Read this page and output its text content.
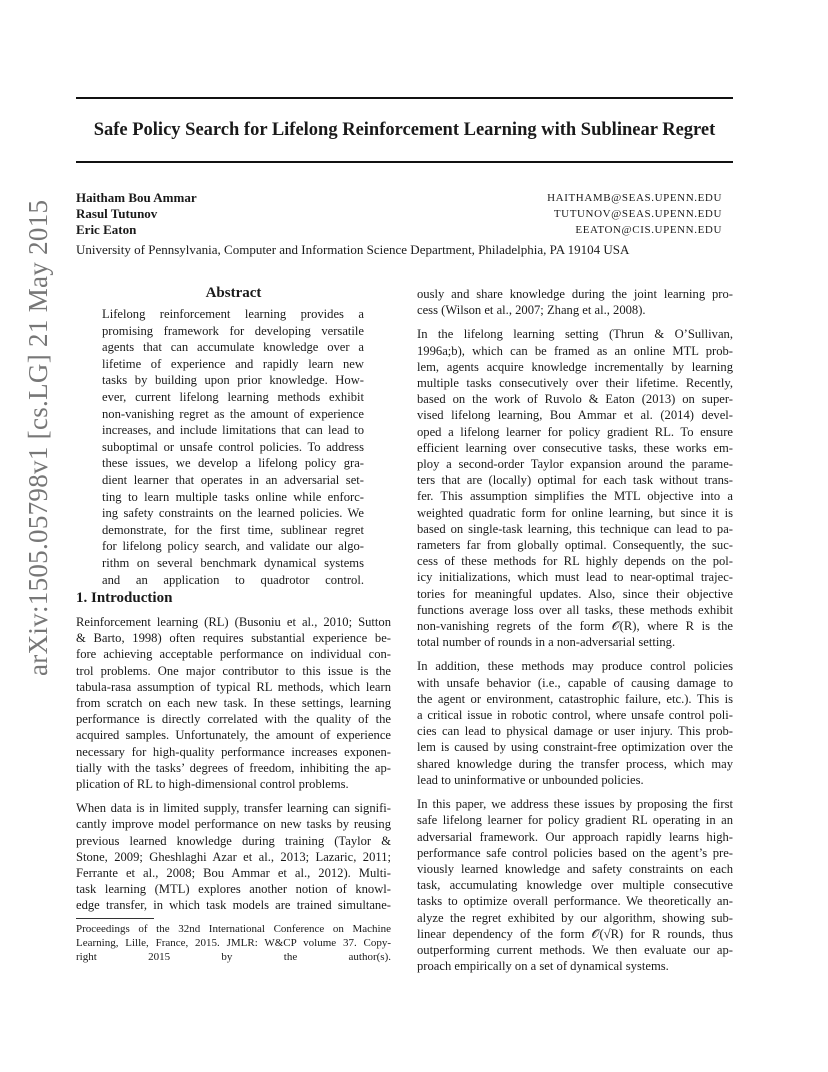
arXiv:1505.05798v1 [cs.LG] 21 May 2015
Safe Policy Search for Lifelong Reinforcement Learning with Sublinear Regret
Haitham Bou Ammar	HAITHAMB@SEAS.UPENN.EDU
Rasul Tutunov	TUTUNOV@SEAS.UPENN.EDU
Eric Eaton	EEATON@CIS.UPENN.EDU
University of Pennsylvania, Computer and Information Science Department, Philadelphia, PA 19104 USA
Abstract
Lifelong reinforcement learning provides a
promising framework for developing versatile
agents that can accumulate knowledge over a
lifetime of experience and rapidly learn new
tasks by building upon prior knowledge. How-
ever, current lifelong learning methods exhibit
non-vanishing regret as the amount of experience
increases, and include limitations that can lead to
suboptimal or unsafe control policies. To address
these issues, we develop a lifelong policy gra-
dient learner that operates in an adversarial set-
ting to learn multiple tasks online while enforc-
ing safety constraints on the learned policies. We
demonstrate, for the first time, sublinear regret
for lifelong policy search, and validate our algo-
rithm on several benchmark dynamical systems
and an application to quadrotor control.
1. Introduction

Reinforcement learning (RL) (Busoniu et al., 2010; Sutton
& Barto, 1998) often requires substantial experience be-
fore achieving acceptable performance on individual con-
trol problems. One major contributor to this issue is the
tabula-rasa assumption of typical RL methods, which learn
from scratch on each new task. In these settings, learning
performance is directly correlated with the quality of the
acquired samples. Unfortunately, the amount of experience
necessary for high-quality performance increases exponen-
tially with the tasks’ degrees of freedom, inhibiting the ap-
plication of RL to high-dimensional control problems.

When data is in limited supply, transfer learning can signifi-
cantly improve model performance on new tasks by reusing
previous learned knowledge during training (Taylor &
Stone, 2009; Gheshlaghi Azar et al., 2013; Lazaric, 2011;
Ferrante et al., 2008; Bou Ammar et al., 2012). Multi-
task learning (MTL) explores another notion of knowl-
edge transfer, in which task models are trained simultane-

Proceedings of the 32nd International Conference on Machine
Learning, Lille, France, 2015. JMLR: W&CP volume 37. Copy-
right 2015 by the author(s).

ously and share knowledge during the joint learning pro-
cess (Wilson et al., 2007; Zhang et al., 2008).

In the lifelong learning setting (Thrun & O’Sullivan,
1996a;b), which can be framed as an online MTL prob-
lem, agents acquire knowledge incrementally by learning
multiple tasks consecutively over their lifetime. Recently,
based on the work of Ruvolo & Eaton (2013) on super-
vised lifelong learning, Bou Ammar et al. (2014) devel-
oped a lifelong learner for policy gradient RL. To ensure
efficient learning over consecutive tasks, these works em-
ploy a second-order Taylor expansion around the parame-
ters that are (locally) optimal for each task without trans-
fer. This assumption simplifies the MTL objective into a
weighted quadratic form for online learning, but since it is
based on single-task learning, this technique can lead to pa-
rameters far from globally optimal. Consequently, the suc-
cess of these methods for RL highly depends on the pol-
icy initializations, which must lead to near-optimal trajec-
tories for meaningful updates. Also, since their objective
functions average loss over all tasks, these methods exhibit
non-vanishing regrets of the form 𝒪(R), where R is the
total number of rounds in a non-adversarial setting.

In addition, these methods may produce control policies
with unsafe behavior (i.e., capable of causing damage to
the agent or environment, catastrophic failure, etc.). This is
a critical issue in robotic control, where unsafe control poli-
cies can lead to physical damage or user injury. This prob-
lem is caused by using constraint-free optimization over the
shared knowledge during the transfer process, which may
lead to uninformative or unbounded policies.

In this paper, we address these issues by proposing the first
safe lifelong learner for policy gradient RL operating in an
adversarial framework. Our approach rapidly learns high-
performance safe control policies based on the agent’s pre-
viously learned knowledge and safety constraints on each
task, accumulating knowledge over multiple consecutive
tasks to optimize overall performance. We theoretically an-
alyze the regret exhibited by our algorithm, showing sub-
linear dependency of the form 𝒪(√R) for R rounds, thus
outperforming current methods. We then evaluate our ap-
proach empirically on a set of dynamical systems.
